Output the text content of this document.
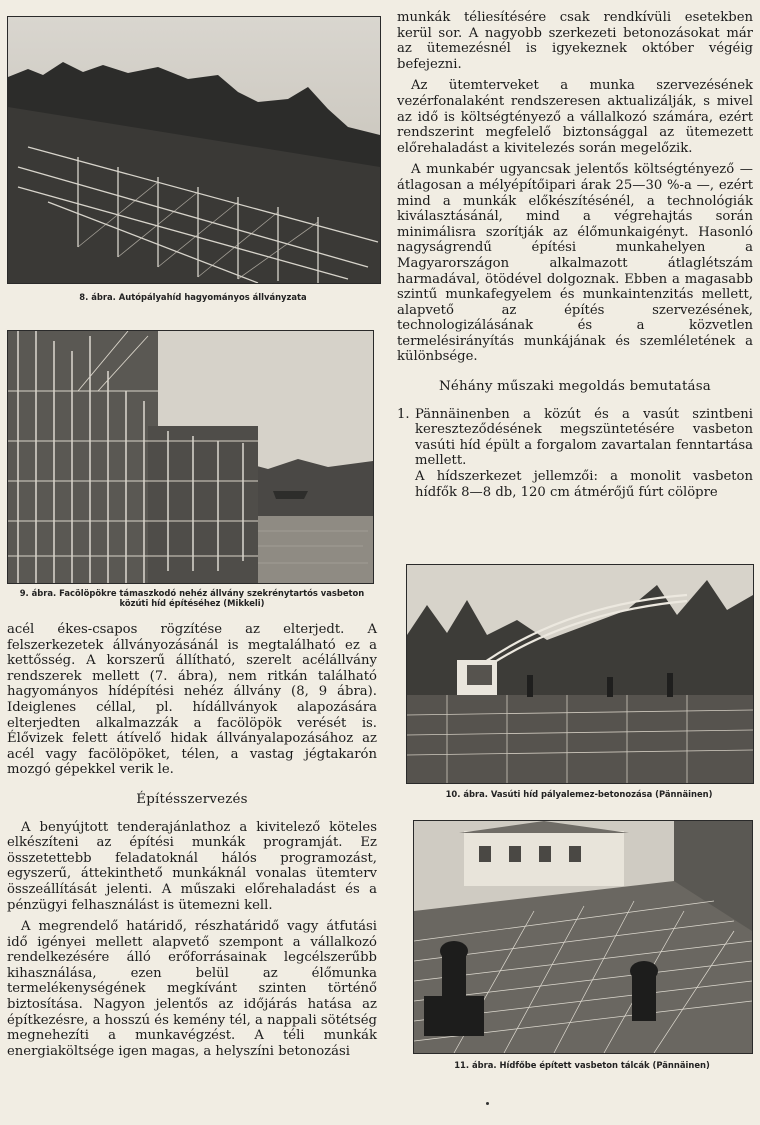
8. ábra. Autópályahíd hagyományos állványzata
9. ábra. Facölöpökre támaszkodó nehéz állvány szekrénytartós vasbeton
közúti híd építéséhez (Mikkeli)

acél ékes-csapos rögzítése az elterjedt. A felszerkezetek állványozásánál is megtalálható ez a kettősség. A korszerű állítható, szerelt acélállvány rendszerek mellett (7. ábra), nem ritkán található hagyományos hídépítési nehéz állvány (8, 9 ábra). Ideiglenes céllal, pl. hídállványok alapozására elterjedten alkalmazzák a facölöpök verését is. Élővizek felett átívelő hidak állványalapozásához az acél vagy facölöpöket, télen, a vastag jégtakarón mozgó gépekkel verik le.

Építésszervezés

A benyújtott tenderajánlathoz a kivitelező köteles elkészíteni az építési munkák programját. Ez összetettebb feladatoknál hálós programozást, egyszerű, áttekinthető munkáknál vonalas ütemterv összeállítását jelenti. A műszaki előrehaladást és a pénzügyi felhasználást is ütemezni kell.

A megrendelő határidő, részhatáridő vagy átfutási idő igényei mellett alapvető szempont a vállalkozó rendelkezésére álló erőforrásainak legcélszerűbb kihasználása, ezen belül az élőmunka termelékenységének megkívánt szinten történő biztosítása. Nagyon jelentős az időjárás hatása az építkezésre, a hosszú és kemény tél, a nappali sötétség megnehezíti a munkavégzést. A téli munkák energiaköltsége igen magas, a helyszíni betonozási

munkák téliesítésére csak rendkívüli esetekben kerül sor. A nagyobb szerkezeti betonozásokat már az ütemezésnél is igyekeznek október végéig befejezni.

Az ütemterveket a munka szervezésének vezérfonalaként rendszeresen aktualizálják, s mivel az idő is költségtényező a vállalkozó számára, ezért rendszerint megfelelő biztonsággal az ütemezett előrehaladást a kivitelezés során megelőzik.

A munkabér ugyancsak jelentős költségtényező — átlagosan a mélyépítőipari árak 25—30 %-a —, ezért mind a munkák előkészítésénél, a technológiák kiválasztásánál, mind a végrehajtás során minimálisra szorítják az élőmunkaigényt. Hasonló nagyságrendű építési munkahelyen a Magyarországon alkalmazott átlaglétszám harmadával, ötödével dolgoznak. Ebben a magasabb szintű munkafegyelem és munkaintenzitás mellett, alapvető az építés szervezésének, technologizálásának és a közvetlen termelésirányítás munkájának és szemléletének a különbsége.

Néhány műszaki megoldás bemutatása
1. Pännäinenben a közút és a vasút szintbeni kereszteződésének megszüntetésére vasbeton vasúti híd épült a forgalom zavartalan fenntartása mellett.

A hídszerkezet jellemzői: a monolit vasbeton hídfők 8—8 db, 120 cm átmérőjű fúrt cölöpre

10. ábra. Vasúti híd pályalemez-betonozása (Pännäinen)
11. ábra. Hídfőbe épített vasbeton tálcák (Pännäinen)
